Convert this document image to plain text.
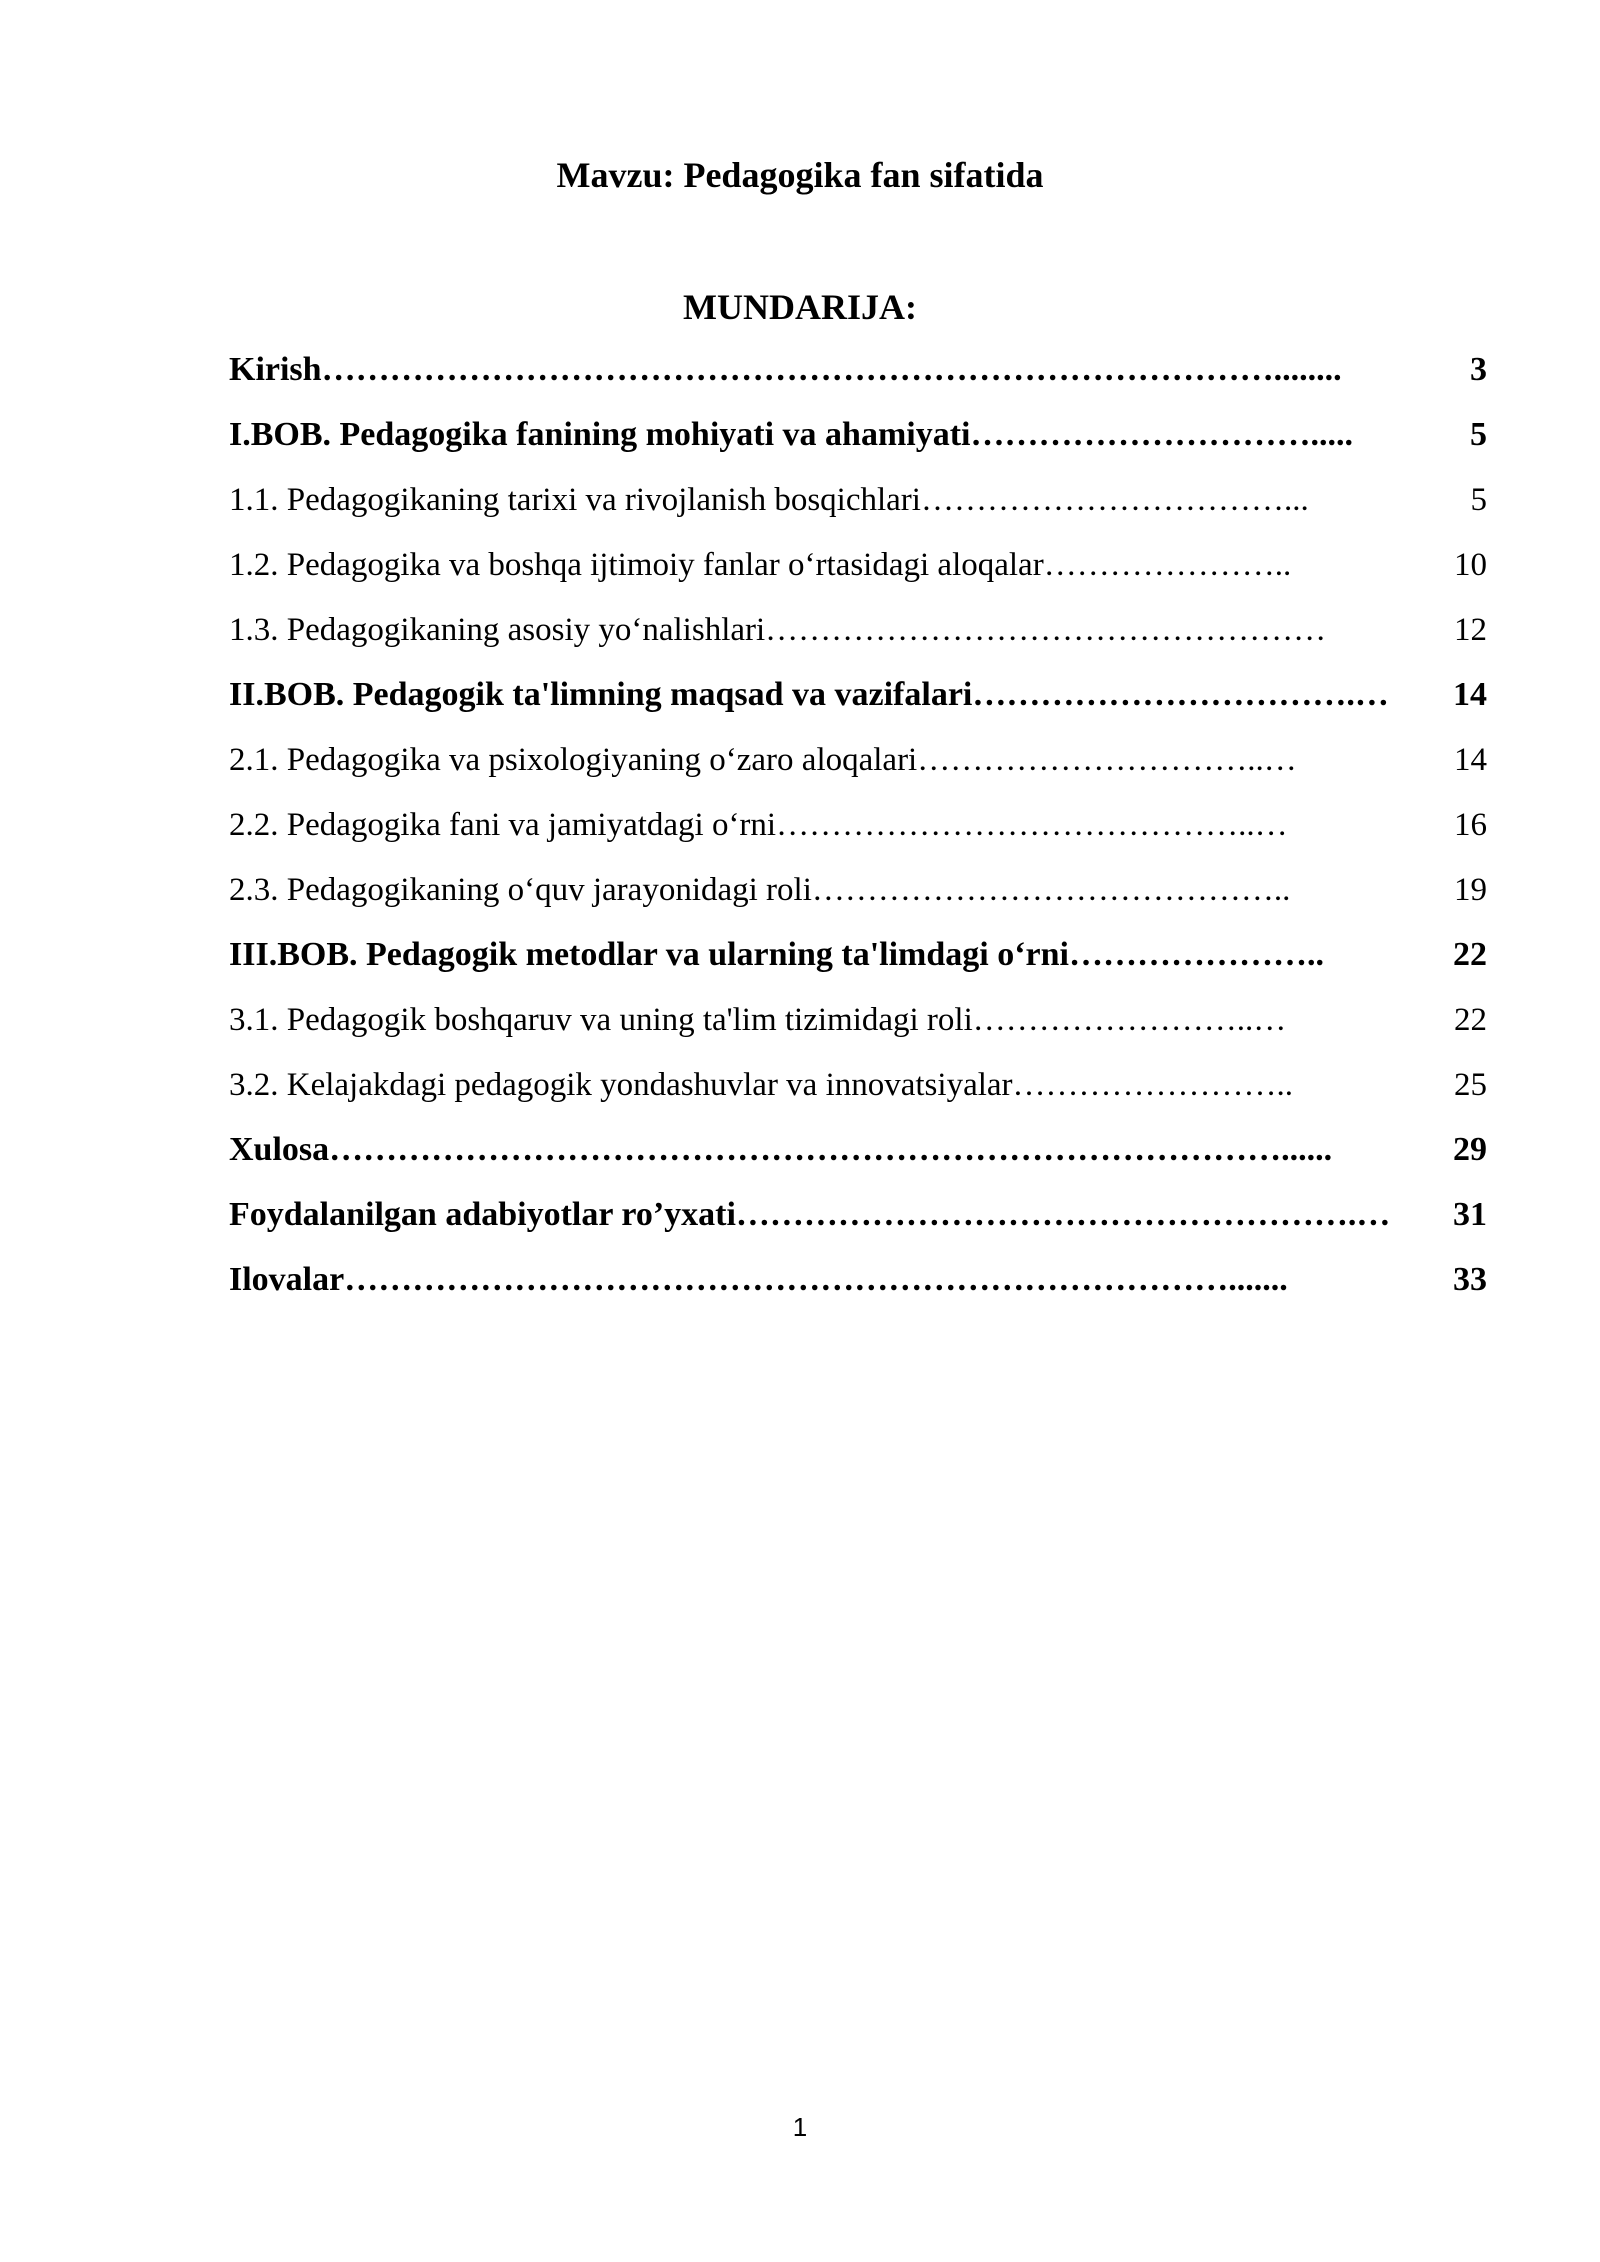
Mavzu: Pedagogika fan sifatida
MUNDARIJA:
Kirish …………………………………………………………………………........	3
I.BOB. Pedagogika fanining mohiyati va ahamiyati ………………………….....	5
1.1. Pedagogikaning tarixi va rivojlanish bosqichlari ……………………………...	5
1.2. Pedagogika va boshqa ijtimoiy fanlar o‘rtasidagi aloqalar …………………..	10
1.3. Pedagogikaning asosiy yo‘nalishlari ……………………………………………	12
II.BOB. Pedagogik ta'limning maqsad va vazifalari …………………………….…	14
2.1. Pedagogika va psixologiyaning o‘zaro aloqalari …………………………..…	14
2.2. Pedagogika fani va jamiyatdagi o‘rni ……………………………………..…	16
2.3. Pedagogikaning o‘quv jarayonidagi roli ……………………………………..	19
III.BOB. Pedagogik metodlar va ularning ta'limdagi o‘rni …………………..	22
3.1. Pedagogik boshqaruv va uning ta'lim tizimidagi roli ……………………..…	22
3.2. Kelajakdagi pedagogik yondashuvlar va innovatsiyalar ……………………..	25
Xulosa …………………………………………………………………………......	29
Foydalanilgan adabiyotlar ro’yxati ……………………………………………….…	31
Ilovalar …………………………………………………………………….......	33
1
